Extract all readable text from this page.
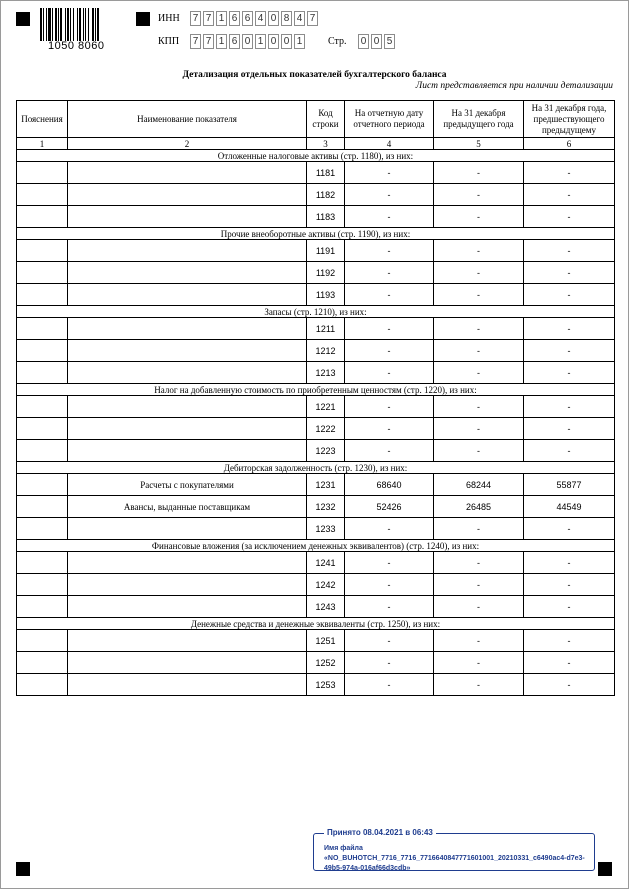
1050 8060
ИНН 7 7 1 6 6 4 0 8 4 7
КПП 7 7 1 6 0 1 0 0 1	Стр. 0 0 5
Детализация отдельных показателей бухгалтерского баланса
Лист представляется при наличии детализации
Пояснения	Наименование показателя	Код строки	На отчетную дату отчетного периода	На 31 декабря предыдущего года	На 31 декабря года, предшествующего предыдущему
1	2	3	4	5	6
Отложенные налоговые активы (стр. 1180), из них:					
		1181	-	-	-
		1182	-	-	-
		1183	-	-	-
Прочие внеоборотные активы (стр. 1190), из них:					
		1191	-	-	-
		1192	-	-	-
		1193	-	-	-
Запасы (стр. 1210), из них:					
		1211	-	-	-
		1212	-	-	-
		1213	-	-	-
Налог на добавленную стоимость по приобретенным ценностям (стр. 1220), из них:					
		1221	-	-	-
		1222	-	-	-
		1223	-	-	-
Дебиторская задолженность (стр. 1230), из них:					
	Расчеты с покупателями	1231	68640	68244	55877
	Авансы, выданные поставщикам	1232	52426	26485	44549
		1233	-	-	-
Финансовые вложения (за исключением денежных эквивалентов) (стр. 1240), из них:					
		1241	-	-	-
		1242	-	-	-
		1243	-	-	-
Денежные средства и денежные эквиваленты (стр. 1250), из них:					
		1251	-	-	-
		1252	-	-	-
		1253	-	-	-
Принято 08.04.2021 в 06:43
Имя файла «NO_BUHOTCH_7716_7716_7716640847771601001_20210331_c6490ac4-d7e3-49b5-974a-016af66d3cdb»
